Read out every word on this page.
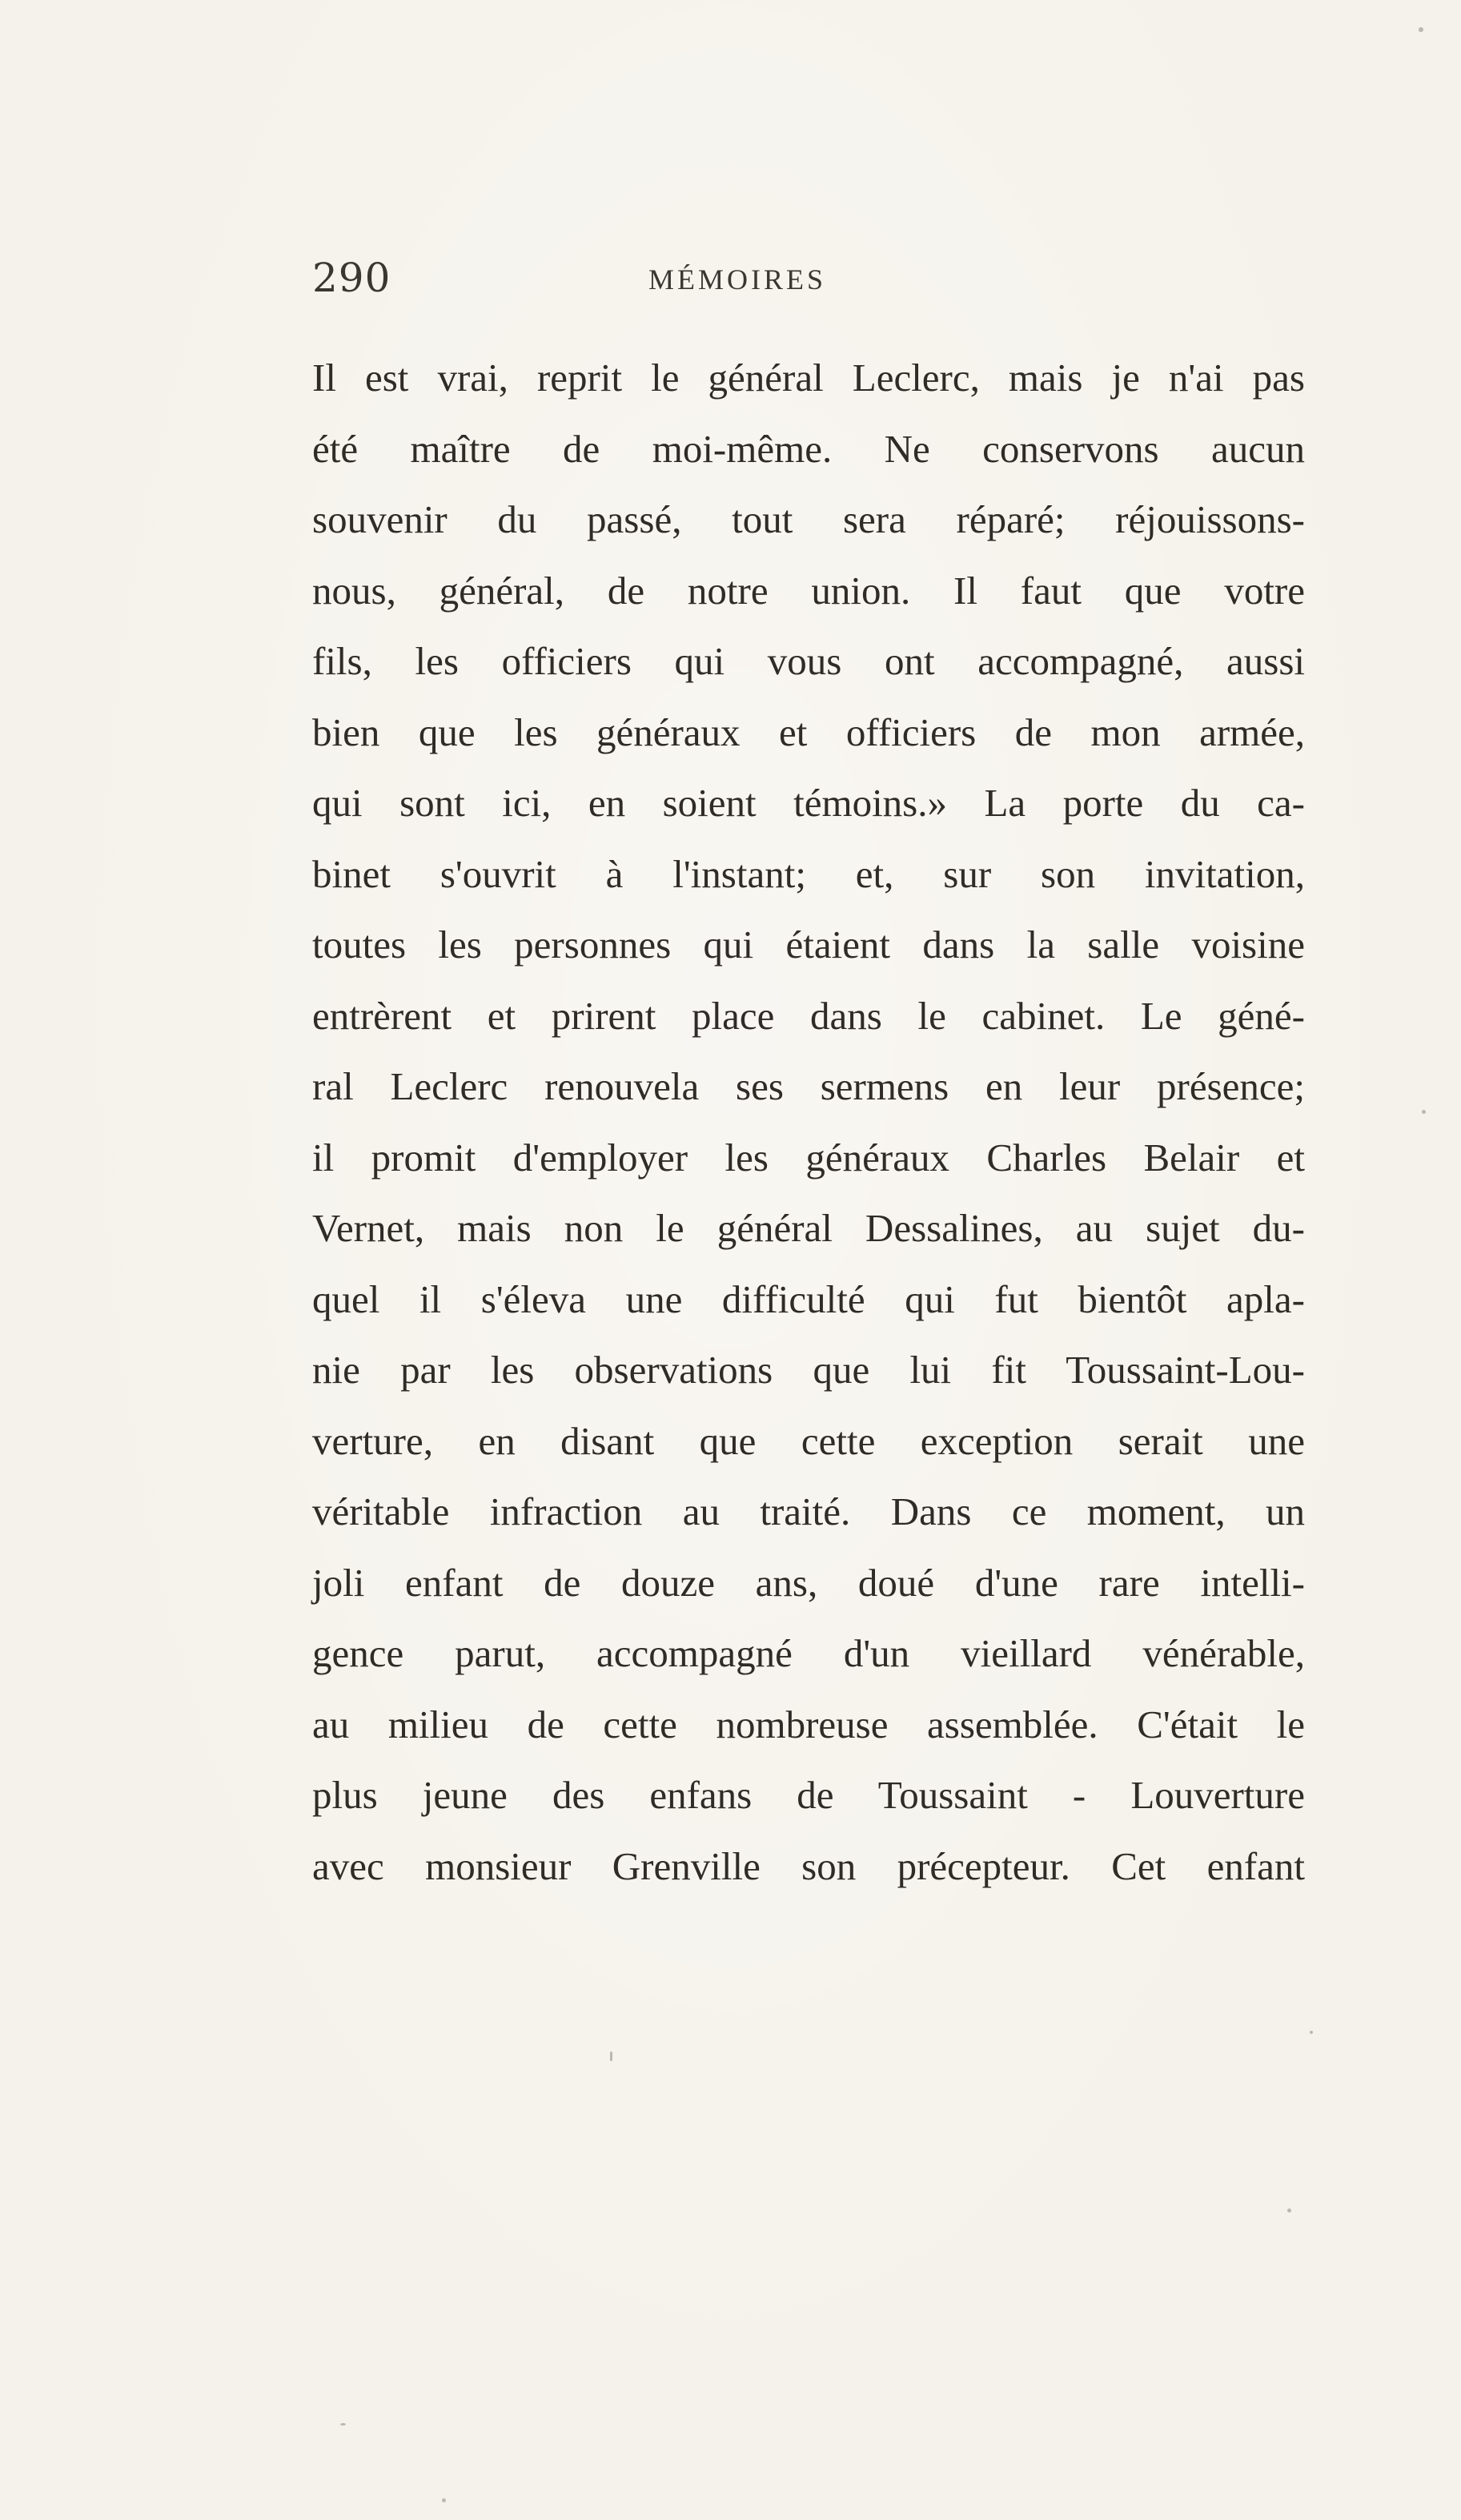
290	MÉMOIRES
Il est vrai, reprit le général Leclerc, mais je n'ai pas
été maître de moi-même. Ne conservons aucun
souvenir du passé, tout sera réparé; réjouissons-
nous, général, de notre union. Il faut que votre
fils, les officiers qui vous ont accompagné, aussi
bien que les généraux et officiers de mon armée,
qui sont ici, en soient témoins.» La porte du ca-
binet s'ouvrit à l'instant; et, sur son invitation,
toutes les personnes qui étaient dans la salle voisine
entrèrent et prirent place dans le cabinet. Le géné-
ral Leclerc renouvela ses sermens en leur présence;
il promit d'employer les généraux Charles Belair et
Vernet, mais non le général Dessalines, au sujet du-
quel il s'éleva une difficulté qui fut bientôt apla-
nie par les observations que lui fit Toussaint-Lou-
verture, en disant que cette exception serait une
véritable infraction au traité. Dans ce moment, un
joli enfant de douze ans, doué d'une rare intelli-
gence parut, accompagné d'un vieillard vénérable,
au milieu de cette nombreuse assemblée. C'était le
plus jeune des enfans de Toussaint - Louverture
avec monsieur Grenville son précepteur. Cet enfant
